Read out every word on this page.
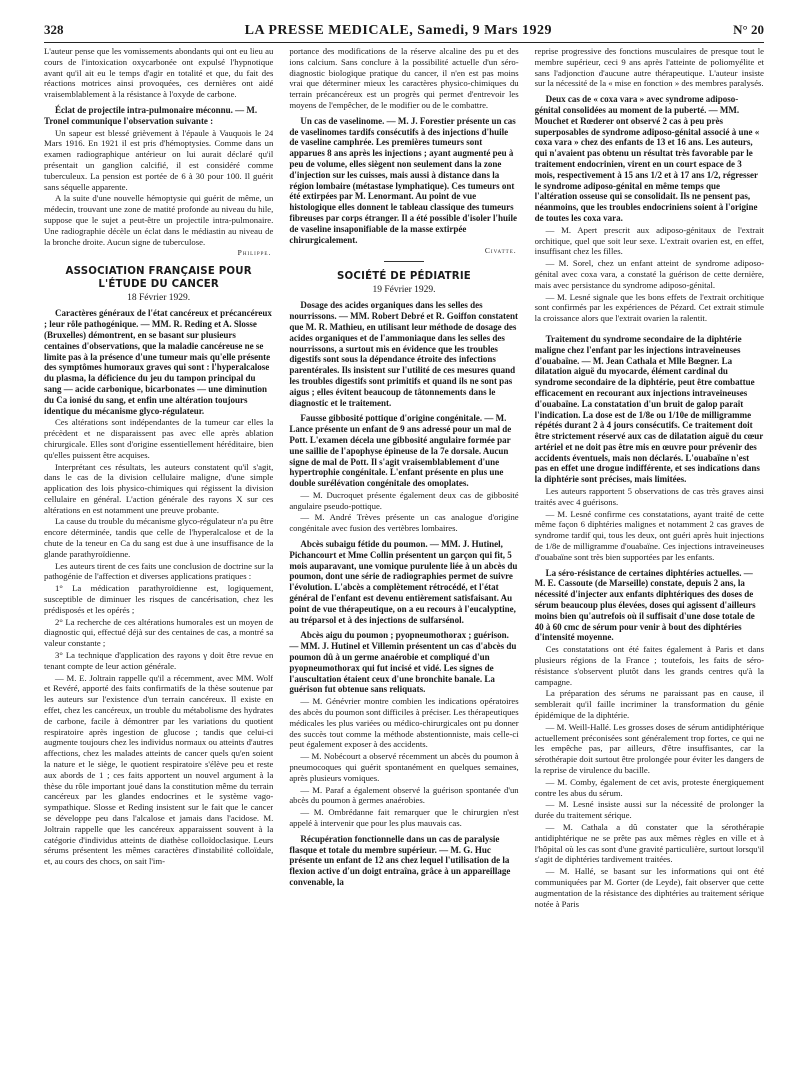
328	LA PRESSE MEDICALE, Samedi, 9 Mars 1929	N° 20

L'auteur pense que les vomissements abondants qui ont eu lieu au cours de l'intoxication oxycarbonée ont expulsé l'hypnotique avant qu'il ait eu le temps d'agir en totalité et que, du fait des réactions motrices ainsi provoquées, ces dernières ont aidé vraisemblablement à la résistance à l'oxyde de carbone.

Éclat de projectile intra-pulmonaire méconnu. — M. Tronel communique l'observation suivante :

Un sapeur est blessé grièvement à l'épaule à Vauquois le 24 Mars 1916. En 1921 il est pris d'hémoptysies. Comme dans un examen radiographique antérieur on lui aurait déclaré qu'il présentait un ganglion calcifié, il est considéré comme tuberculeux. La pension est portée de 6 à 30 pour 100. Il guérit sans séquelle apparente.

A la suite d'une nouvelle hémoptysie qui guérit de même, un médecin, trouvant une zone de matité profonde au niveau du hile, suppose que le sujet a peut-être un projectile intra-pulmonaire. Une radiographie décèle un éclat dans le médiastin au niveau de la bronche droite. Aucun signe de tuberculose.

Philippe.
ASSOCIATION FRANÇAISE POUR L'ÉTUDE DU CANCER
18 Février 1929.

Caractères généraux de l'état cancéreux et précancéreux ; leur rôle pathogénique. — MM. R. Reding et A. Slosse (Bruxelles) démontrent, en se basant sur plusieurs centaines d'observations, que la maladie cancéreuse ne se limite pas à la présence d'une tumeur mais qu'elle présente des symptômes humoraux graves qui sont : l'hyperalcalose du plasma, la déficience du jeu du tampon principal du sang — acide carbonique, bicarbonates — une diminution du Ca ionisé du sang, et enfin une altération toujours identique du mécanisme glyco-régulateur.

Ces altérations sont indépendantes de la tumeur car elles la précèdent et ne disparaissent pas avec elle après ablation chirurgicale. Elles sont d'origine essentiellement héréditaire, bien qu'elles puissent être acquises.

Interprétant ces résultats, les auteurs constatent qu'il s'agit, dans le cas de la division cellulaire maligne, d'une simple application des lois physico-chimiques qui régissent la division cellulaire en général. L'action générale des rayons X sur ces altérations en est notamment une preuve probante.

La cause du trouble du mécanisme glyco-régulateur n'a pu être encore déterminée, tandis que celle de l'hyperalcalose et de la chute de la teneur en Ca du sang est due à une insuffisance de la glande parathyroïdienne.

Les auteurs tirent de ces faits une conclusion de doctrine sur la pathogénie de l'affection et diverses applications pratiques :

1° La médication parathyroïdienne est, logiquement, susceptible de diminuer les risques de cancérisation, chez les prédisposés et les opérés ;

2° La recherche de ces altérations humorales est un moyen de diagnostic qui, effectué déjà sur des centaines de cas, a montré sa valeur constante ;

3° La technique d'application des rayons γ doit être revue en tenant compte de leur action générale.

— M. E. Joltrain rappelle qu'il a récemment, avec MM. Wolf et Revéré, apporté des faits confirmatifs de la thèse soutenue par les auteurs sur l'existence d'un terrain cancéreux. Il existe en effet, chez les cancéreux, un trouble du métabolisme des hydrates de carbone, facile à démontrer par les variations du quotient respiratoire après ingestion de glucose ; tandis que celui-ci augmente toujours chez les individus normaux ou atteints d'autres affections, chez les malades atteints de cancer quels qu'en soient la nature et le siège, le quotient respiratoire s'élève peu et reste aux abords de 1 ; ces faits apportent un nouvel argument à la thèse du rôle important joué dans la constitution même du terrain cancéreux par les glandes endocrines et le système vago-sympathique. Slosse et Reding insistent sur le fait que le cancer se développe peu dans l'alcalose et jamais dans l'acidose. M. Joltrain rappelle que les cancéreux apparaissent souvent à la catégorie d'individus atteints de diathèse colloïdoclasique. Leurs sérums présentent les mêmes caractères d'instabilité colloïdale, et, au cours des chocs, on sait l'im-

portance des modifications de la réserve alcaline des pu et des ions calcium. Sans conclure à la possibilité actuelle d'un séro-diagnostic biologique pratique du cancer, il n'en est pas moins vrai que déterminer mieux les caractères physico-chimiques du terrain précancéreux est un progrès qui permet d'entrevoir les moyens de l'empêcher, de le modifier ou de le combattre.

Un cas de vaselinome. — M. J. Forestier présente un cas de vaselinomes tardifs consécutifs à des injections d'huile de vaseline camphrée. Les premières tumeurs sont apparues 8 ans après les injections ; ayant augmenté peu à peu de volume, elles siègent non seulement dans la zone d'injection sur les cuisses, mais aussi à distance dans la région lombaire (métastase lymphatique). Ces tumeurs ont été extirpées par M. Lenormant. Au point de vue histologique elles donnent le tableau classique des tumeurs fibreuses par corps étranger. Il a été possible d'isoler l'huile de vaseline insaponifiable de la masse extirpée chirurgicalement.

Civatte.
SOCIÉTÉ DE PÉDIATRIE
19 Février 1929.

Dosage des acides organiques dans les selles des nourrissons. — MM. Robert Debré et R. Goiffon constatent que M. R. Mathieu, en utilisant leur méthode de dosage des acides organiques et de l'ammoniaque dans les selles des nourrissons, a surtout mis en évidence que les troubles digestifs sont sous la dépendance étroite des infections parentérales. Ils insistent sur l'utilité de ces mesures quand les troubles digestifs sont primitifs et quand ils ne sont pas aigus ; elles évitent beaucoup de tâtonnements dans le diagnostic et le traitement.

Fausse gibbosité pottique d'origine congénitale. — M. Lance présente un enfant de 9 ans adressé pour un mal de Pott. L'examen décela une gibbosité angulaire formée par une saillie de l'apophyse épineuse de la 7e dorsale. Aucun signe de mal de Pott. Il s'agit vraisemblablement d'une hypertrophie congénitale. L'enfant présente en plus une double surélévation congénitale des omoplates.

— M. Ducroquet présente également deux cas de gibbosité angulaire pseudo-pottique.

— M. André Trèves présente un cas analogue d'origine congénitale avec fusion des vertèbres lombaires.

Abcès subaigu fétide du poumon. — MM. J. Hutinel, Pichancourt et Mme Collin présentent un garçon qui fit, 5 mois auparavant, une vomique purulente liée à un abcès du poumon, dont une série de radiographies permet de suivre l'évolution. L'abcès a complètement rétrocédé, et l'état général de l'enfant est devenu entièrement satisfaisant. Au point de vue thérapeutique, on a eu recours à l'eucalyptine, au tréparsol et à des injections de sulfarsénol.

Abcès aigu du poumon ; pyopneumothorax ; guérison. — MM. J. Hutinel et Villemin présentent un cas d'abcès du poumon dû à un germe anaérobie et compliqué d'un pyopneumothorax qui fut incisé et vidé. Les signes de l'auscultation étaient ceux d'une bronchite banale. La guérison fut obtenue sans reliquats.

— M. Génévrier montre combien les indications opératoires des abcès du poumon sont difficiles à préciser. Les thérapeutiques médicales les plus variées ou médico-chirurgicales ont pu donner des succès tout comme la méthode abstentionniste, mais celle-ci peut également exposer à des accidents.

— M. Nobécourt a observé récemment un abcès du poumon à pneumocoques qui guérit spontanément en quelques semaines, après plusieurs vomiques.

— M. Paraf a également observé la guérison spontanée d'un abcès du poumon à germes anaérobies.

— M. Ombrédanne fait remarquer que le chirurgien n'est appelé à intervenir que pour les plus mauvais cas.

Récupération fonctionnelle dans un cas de paralysie flasque et totale du membre supérieur. — M. G. Huc présente un enfant de 12 ans chez lequel l'utilisation de la flexion active d'un doigt entraîna, grâce à un appareillage convenable, la

reprise progressive des fonctions musculaires de presque tout le membre supérieur, ceci 9 ans après l'atteinte de poliomyélite et sans l'adjonction d'aucune autre thérapeutique. L'auteur insiste sur la nécessité de la « mise en fonction » des membres paralysés.

Deux cas de « coxa vara » avec syndrome adiposo-génital consolidées au moment de la puberté. — MM. Mouchet et Rœderer ont observé 2 cas à peu près superposables de syndrome adiposo-génital associé à une « coxa vara » chez des enfants de 13 et 16 ans. Les auteurs, qui n'avaient pas obtenu un résultat très favorable par le traitement endocrinien, virent en un court espace de 3 mois, respectivement à 15 ans 1/2 et à 17 ans 1/2, régresser le syndrome adiposo-génital en même temps que l'altération osseuse qui se consolidait. Ils ne pensent pas, néanmoins, que les troubles endocriniens soient à l'origine de toutes les coxa vara.

— M. Apert prescrit aux adiposo-génitaux de l'extrait orchitique, quel que soit leur sexe. L'extrait ovarien est, en effet, insuffisant chez les filles.

— M. Sorel, chez un enfant atteint de syndrome adiposo-génital avec coxa vara, a constaté la guérison de cette dernière, mais avec persistance du syndrome adiposo-génital.

— M. Lesné signale que les bons effets de l'extrait orchitique sont confirmés par les expériences de Pézard. Cet extrait stimule la croissance alors que l'extrait ovarien la ralentit.

Traitement du syndrome secondaire de la diphtérie maligne chez l'enfant par les injections intraveineuses d'ouabaïne. — M. Jean Cathala et Mlle Bœgner. La dilatation aiguë du myocarde, élément cardinal du syndrome secondaire de la diphtérie, peut être combattue efficacement en recourant aux injections intraveineuses d'ouabaïne. La constatation d'un bruit de galop paraît l'indication. La dose est de 1/8e ou 1/10e de milligramme répétés durant 2 à 4 jours consécutifs. Ce traitement doit être strictement réservé aux cas de dilatation aiguë du cœur artériel et ne doit pas être mis en œuvre pour prévenir des accidents éventuels, mais non déclarés. L'ouabaïne n'est pas en effet une drogue indifférente, et ses indications dans la diphtérie sont précises, mais limitées.

Les auteurs rapportent 5 observations de cas très graves ainsi traités avec 4 guérisons.

— M. Lesné confirme ces constatations, ayant traité de cette même façon 6 diphtéries malignes et notamment 2 cas graves de syndrome tardif qui, tous les deux, ont guéri après huit injections de 1/8e de milligramme d'ouabaïne. Ces injections intraveineuses d'ouabaïne sont très bien supportées par les enfants.

La séro-résistance de certaines diphtéries actuelles. — M. E. Cassoute (de Marseille) constate, depuis 2 ans, la nécessité d'injecter aux enfants diphtériques des doses de sérum beaucoup plus élevées, doses qui agissent d'ailleurs moins bien qu'autrefois où il suffisait d'une dose totale de 40 à 60 cmc de sérum pour venir à bout des diphtéries d'intensité moyenne.

Ces constatations ont été faites également à Paris et dans plusieurs régions de la France ; toutefois, les faits de séro-résistance s'observent plutôt dans les grands centres qu'à la campagne.

La préparation des sérums ne paraissant pas en cause, il semblerait qu'il faille incriminer la transformation du génie épidémique de la diphtérie.

— M. Weill-Hallé. Les grosses doses de sérum antidiphtérique actuellement préconisées sont généralement trop fortes, ce qui ne les empêche pas, par ailleurs, d'être insuffisantes, car la sérothérapie doit surtout être prolongée pour éviter les dangers de la reprise de virulence du bacille.

— M. Comby, également de cet avis, proteste énergiquement contre les abus du sérum.

— M. Lesné insiste aussi sur la nécessité de prolonger la durée du traitement sérique.

— M. Cathala a dû constater que la sérothérapie antidiphtérique ne se prête pas aux mêmes règles en ville et à l'hôpital où les cas sont d'une gravité particulière, surtout lorsqu'il s'agit de diphtéries tardivement traitées.

— M. Hallé, se basant sur les informations qui ont été communiquées par M. Gorter (de Leyde), fait observer que cette augmentation de la résistance des diphtéries au traitement sérique notée à Paris
